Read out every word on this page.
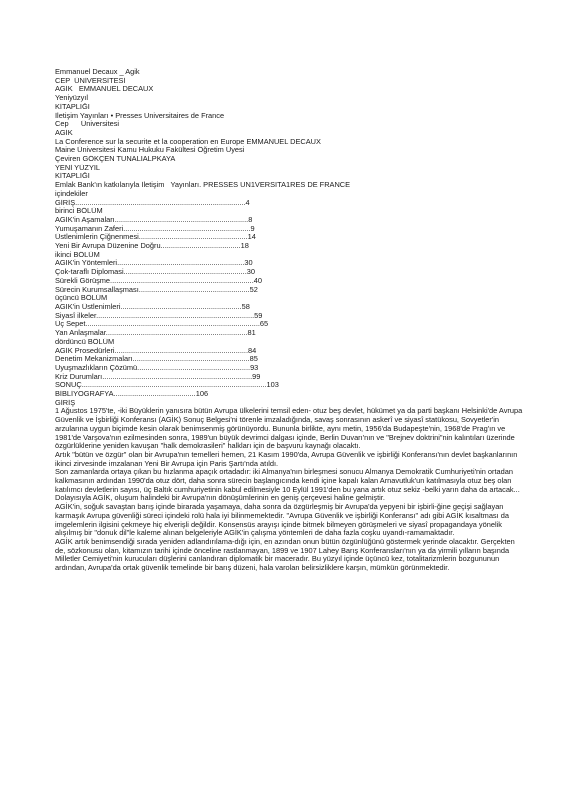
Emmanuel Decaux _ Agik
CEP  ÜNİVERSİTESİ
AGİK   EMMANUEL DECAUX
Yeniyüzyıl
KİTAPLIĞI
İletişim Yayınları • Presses Universitaires de France
Cep      Üniversitesi
AGİK
La Conference sur la securite et la cooperation en Europe EMMANUEL DECAUX
Maine Üniversitesi Kamu Hukuku Fakültesi Öğretim Üyesi
Çeviren GÖKÇEN TUNALIALPKAYA
YENİ YÜZYIL
KİTAPLIĞI
Emlak Bank'ın katkılarıyla İletişim   Yayınları. PRESSES UN1VERSITA1RES DE FRANCE
içindekiler
GİRİŞ...................................................................................4
birinci BÖLÜM
AGİK'in Aşamaları.................................................................8
Yumuşamanın Zaferi..............................................................9
Üstlenimlerin Çiğnenmesi.....................................................14
Yeni Bir Avrupa Düzenine Doğru.......................................18
ikinci BÖLÜM
AGIK'in Yöntemleri..............................................................30
Çok-taraflı Diplomasi............................................................30
Sürekli Görüşme......................................................................40
Sürecin Kurumsallaşması......................................................52
üçüncü BÖLÜM
AGIK'in Üstlenimleri...........................................................58
Siyasî ilkeler.............................................................................59
Üç Sepet.....................................................................................65
Yan Anlaşmalar.....................................................................81
dördüncü BÖLÜM
AGİK Prosedürleri.................................................................84
Denetim Mekanizmaları.........................................................85
Uyuşmazlıkların Çözümü.......................................................93
Kriz Durumları.........................................................................99
SONUÇ..........................................................................................103
BİBLİYOGRAFYA........................................106
GİRİŞ
1 Ağustos 1975'te, -iki Büyüklerin yanısıra bütün Avrupa ülkelerini temsil eden- otuz beş devlet, hükümet ya da parti başkanı Helsinki'de Avrupa Güvenlik ve İşbirliği Konferansı (AGİK) Sonuç Belgesi'ni törenle imzaladığında, savaş sonrasının askerî ve siyasî statükosu, Sovyetler'in arzularına uygun biçimde kesin olarak benimsenmiş görünüyordu. Bununla birlikte, aynı metin, 1956'da Budapeşte'nin, 1968'de Prag'ın ve 1981'de Varşova'nın ezilmesinden sonra, 1989'un büyük devrimci dalgası içinde, Berlin Duvarı'nın ve "Brejnev doktrini"nin kalıntıları üzerinde özgürlüklerine yeniden kavuşan "halk demokrasileri" halkları için de başvuru kaynağı olacaktı.
Artık "bütün ve özgür" olan bir Avrupa'nın temelleri hemen, 21 Kasım 1990'da, Avrupa Güvenlik ve işbirliği Konferansı'nın devlet başkanlarının ikinci zirvesinde imzalanan Yeni Bir Avrupa için Paris Şartı'nda atıldı.
Son zamanlarda ortaya çıkan bu hızlanma apaçık ortadadır: iki Almanya'nın birleşmesi sonucu Almanya Demokratik Cumhuriyeti'nin ortadan kalkmasının ardından 1990'da otuz dört, daha sonra sürecin başlangıcında kendi içine kapalı kalan Arnavutluk'un katılmasıyla otuz beş olan katılımcı devletlerin sayısı, üç Baltık cumhuriyetinin kabul edilmesiyle 10 Eylül 1991'den bu yana artık otuz sekiz -belki yarın daha da artacak... Dolayısıyla AGİK, oluşum halindeki bir Avrupa'nın dönüşümlerinin en geniş çerçevesi haline gelmiştir.
AGİK'in, soğuk savaştan barış içinde birarada yaşamaya, daha sonra da özgürleşmiş bir Avrupa'da yepyeni bir işbirli-ğine geçişi sağlayan karmaşık Avrupa güvenliği süreci içindeki rolü hala iyi bilinmemektedir. "Avrupa Güvenlik ve işbirliği Konferansı" adı gibi AGİK kısaltması da imgelemlerin ilgisini çekmeye hiç elverişli değildir. Konsensüs arayışı içinde bitmek bilmeyen görüşmeleri ve siyasî propagandaya yönelik alışılmış bir "donuk dil"le kaleme alınan belgeleriyle AGİK'in çalışma yöntemleri de daha fazla coşku uyandı-ramamaktadır.
AGİK artık benimsendiği sırada yeniden adlandırılama-dığı için, en azından onun bütün özgünlüğünü göstermek yerinde olacaktır. Gerçekten de, sözkonusu olan, kitamızın tarihi içinde önceline rastlanmayan, 1899 ve 1907 Lahey Barış Konferansları'nın ya da yirmili yılların başında Milletler Cemiyeti'nin kurucuları düşlerini canlandıran diplomatik bir maceradır. Bu yüzyıl içinde üçüncü kez, totalitarizmlerin bozgununun ardından, Avrupa'da ortak güvenlik temelinde bir barış düzeni, hala varolan belirsizliklere karşın, mümkün görünmektedir.
